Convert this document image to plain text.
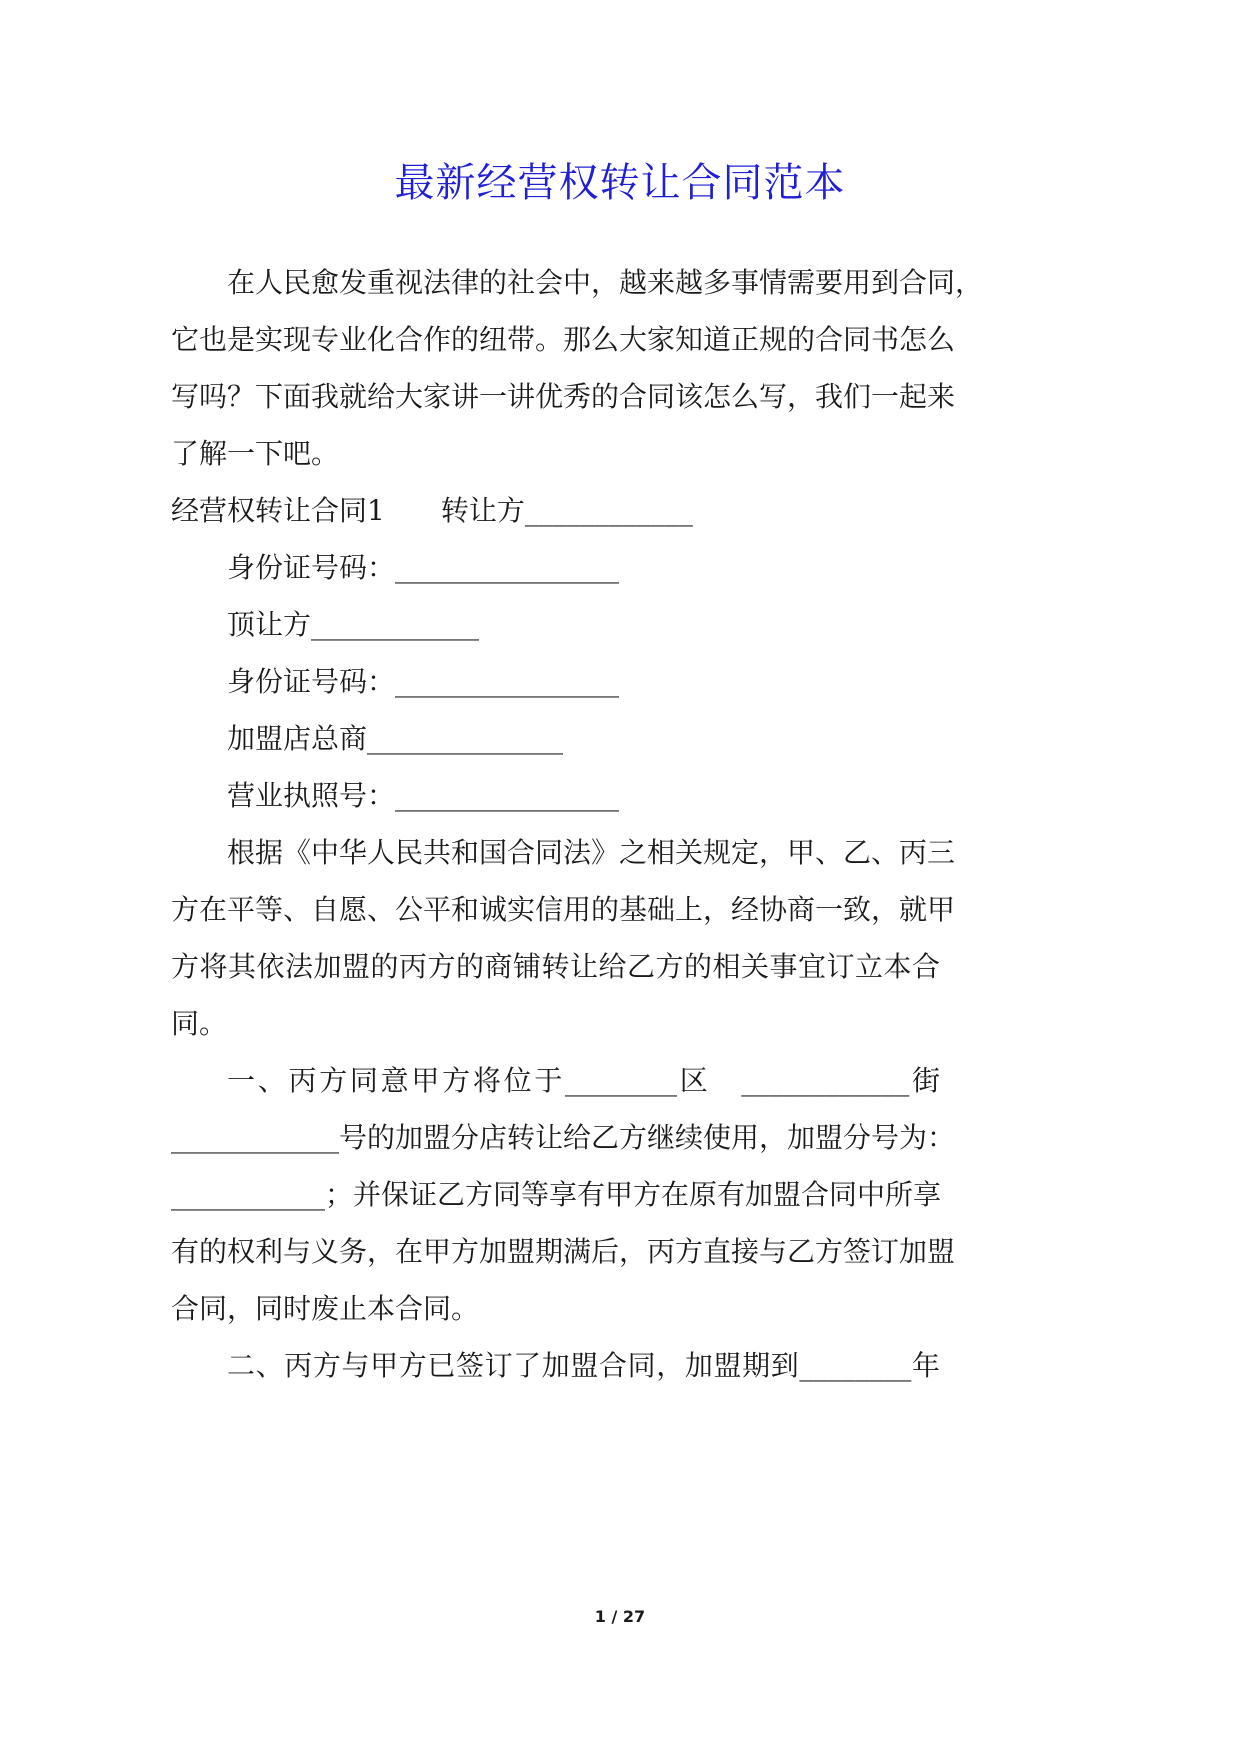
最新经营权转让合同范本
在人民愈发重视法律的社会中，越来越多事情需要用到合同，
它也是实现专业化合作的纽带。那么大家知道正规的合同书怎么
写吗？下面我就给大家讲一讲优秀的合同该怎么写，我们一起来
了解一下吧。
经营权转让合同1　　转让方____________
身份证号码：________________
顶让方____________
身份证号码：________________
加盟店总商______________
营业执照号：________________
根据《中华人民共和国合同法》之相关规定，甲、乙、丙三
方在平等、自愿、公平和诚实信用的基础上，经协商一致，就甲
方将其依法加盟的丙方的商铺转让给乙方的相关事宜订立本合
同。
一、丙方同意甲方将位于________区　____________街
____________号的加盟分店转让给乙方继续使用，加盟分号为：
___________；并保证乙方同等享有甲方在原有加盟合同中所享
有的权利与义务，在甲方加盟期满后，丙方直接与乙方签订加盟
合同，同时废止本合同。
二、丙方与甲方已签订了加盟合同，加盟期到________年
1 / 27
